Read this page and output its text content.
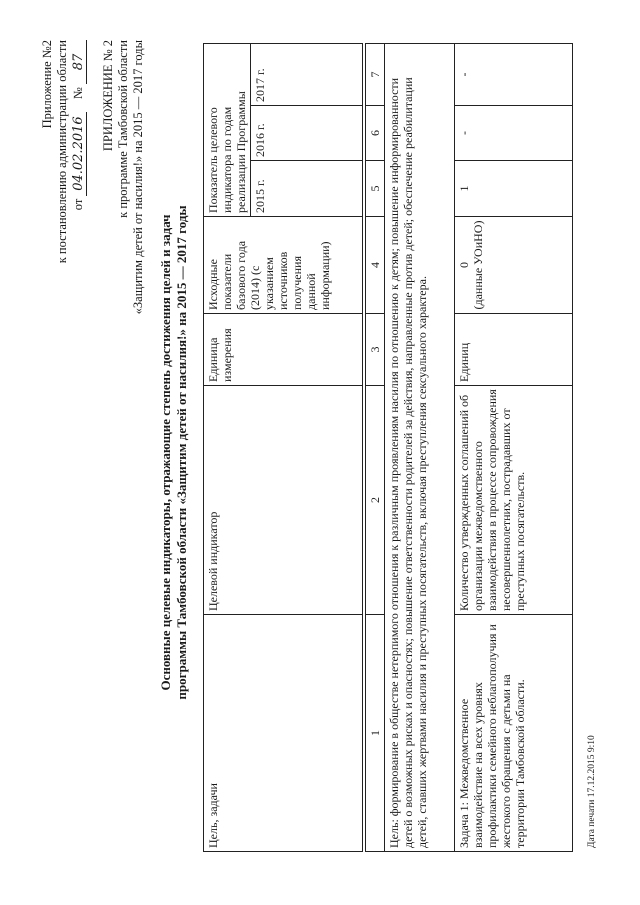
Приложение №2 к постановлению администрации области от 04.02.2016    № 87 ПРИЛОЖЕНИЕ № 2 к программе Тамбовской области «Защитим детей от насилия!» на 2015 — 2017 годы
Основные целевые индикаторы, отражающие степень достижения целей и задач программы Тамбовской области «Защитим детей от насилия!» на 2015 — 2017 годы
Цель, задачи	Целевой индикатор	Единица измерения	Исходные показатели базового года (2014) (с указанием источников получения данной информации)	Показатель целевого индикатора по годам реализации Программы		
				2015 г.	2016 г.	2017 г.
1	2	3	4	5	6	7
Цель: формирование в обществе нетерпимого отношения к различным проявлениям насилия по отношению к детям; повышение информированности детей о возможных рисках и опасностях; повышение ответственности родителей за действия, направленные против детей; обеспечение реабилитации детей, ставших жертвами насилия и преступных посягательств, включая преступления сексуального характера.						
Задача 1: Межведомственное взаимодействие на всех уровнях профилактики семейного неблагополучия и жестокого обращения с детьми на территории Тамбовской области.	Количество утвержденных соглашений об организации межведомственного взаимодействия в процессе сопровождения несовершеннолетних, пострадавших от преступных посягательств.	Единиц	0 (данные УОиНО)	1	-	-
Дата печати 17.12.2015 9:10
